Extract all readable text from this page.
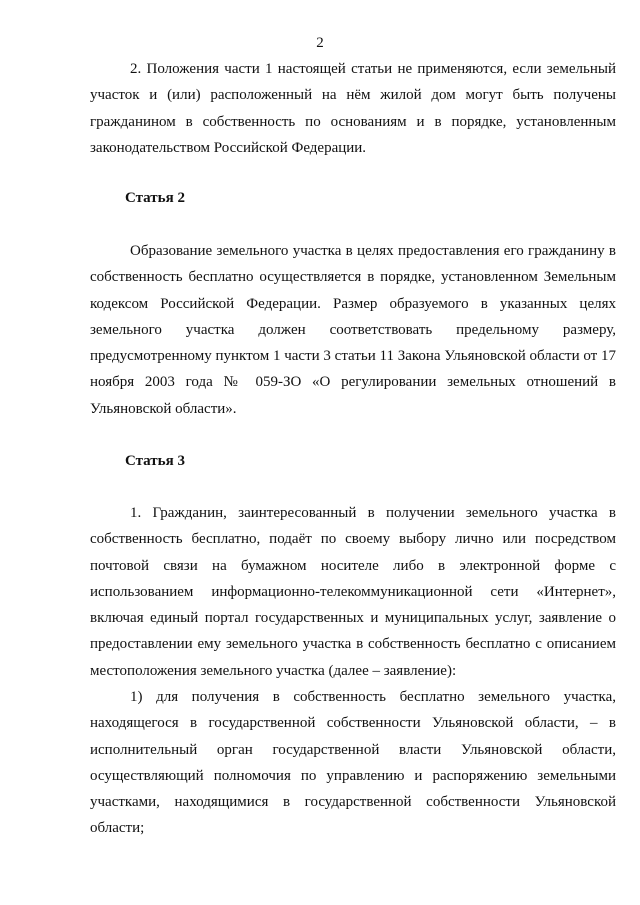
2
2. Положения части 1 настоящей статьи не применяются, если земельный участок и (или) расположенный на нём жилой дом могут быть получены гражданином в собственность по основаниям и в порядке, установленным законодательством Российской Федерации.
Статья 2
Образование земельного участка в целях предоставления его гражданину в собственность бесплатно осуществляется в порядке, установленном Земельным кодексом Российской Федерации. Размер образуемого в указанных целях земельного участка должен соответствовать предельному размеру, предусмотренному пунктом 1 части 3 статьи 11 Закона Ульяновской области от 17 ноября 2003 года № 059-ЗО «О регулировании земельных отношений в Ульяновской области».
Статья 3
1. Гражданин, заинтересованный в получении земельного участка в собственность бесплатно, подаёт по своему выбору лично или посредством почтовой связи на бумажном носителе либо в электронной форме с использованием информационно-телекоммуникационной сети «Интернет», включая единый портал государственных и муниципальных услуг, заявление о предоставлении ему земельного участка в собственность бесплатно с описанием местоположения земельного участка (далее – заявление):
1) для получения в собственность бесплатно земельного участка, находящегося в государственной собственности Ульяновской области, – в исполнительный орган государственной власти Ульяновской области, осуществляющий полномочия по управлению и распоряжению земельными участками, находящимися в государственной собственности Ульяновской области;
